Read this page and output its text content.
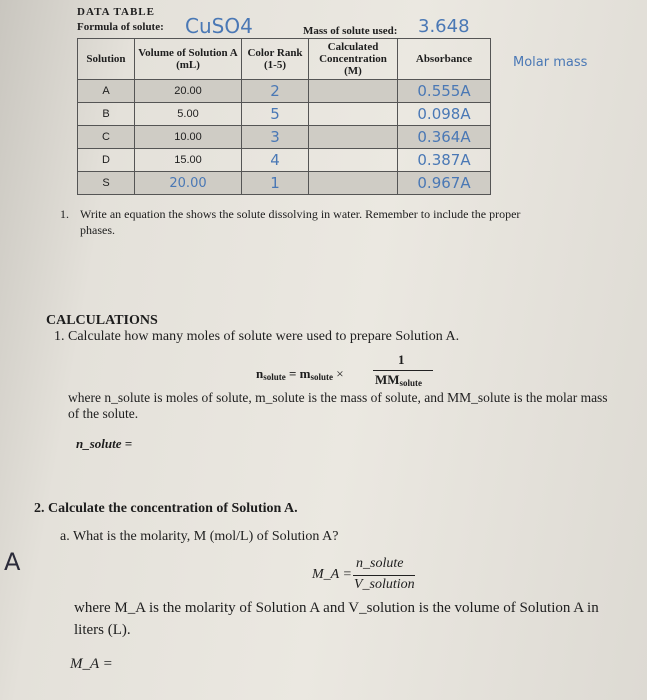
DATA TABLE
Formula of solute: CuSO4	Mass of solute used: 3.648
Molar mass
Solution	Volume of Solution A (mL)	Color Rank (1-5)	Calculated Concentration (M)	Absorbance

A	20.00	2		0.555A
B	5.00	5		0.098A
C	10.00	3		0.364A
D	15.00	4		0.387A
S	20.00	1		0.967A
1. Write an equation the shows the solute dissolving in water. Remember to include the proper
phases.
CALCULATIONS
1. Calculate how many moles of solute were used to prepare Solution A.
$n_{solute} = m_{solute}$ ×
1
$MM_{solute}$
where n_solute is moles of solute, m_solute is the mass of solute, and MM_solute is the molar mass
of the solute.
n_solute =
2. Calculate the concentration of Solution A.
a. What is the molarity, M (mol/L) of Solution A?
M_A =
n_solute
V_solution
where M_A is the molarity of Solution A and V_solution is the volume of Solution A in
liters (L).
M_A =
A
